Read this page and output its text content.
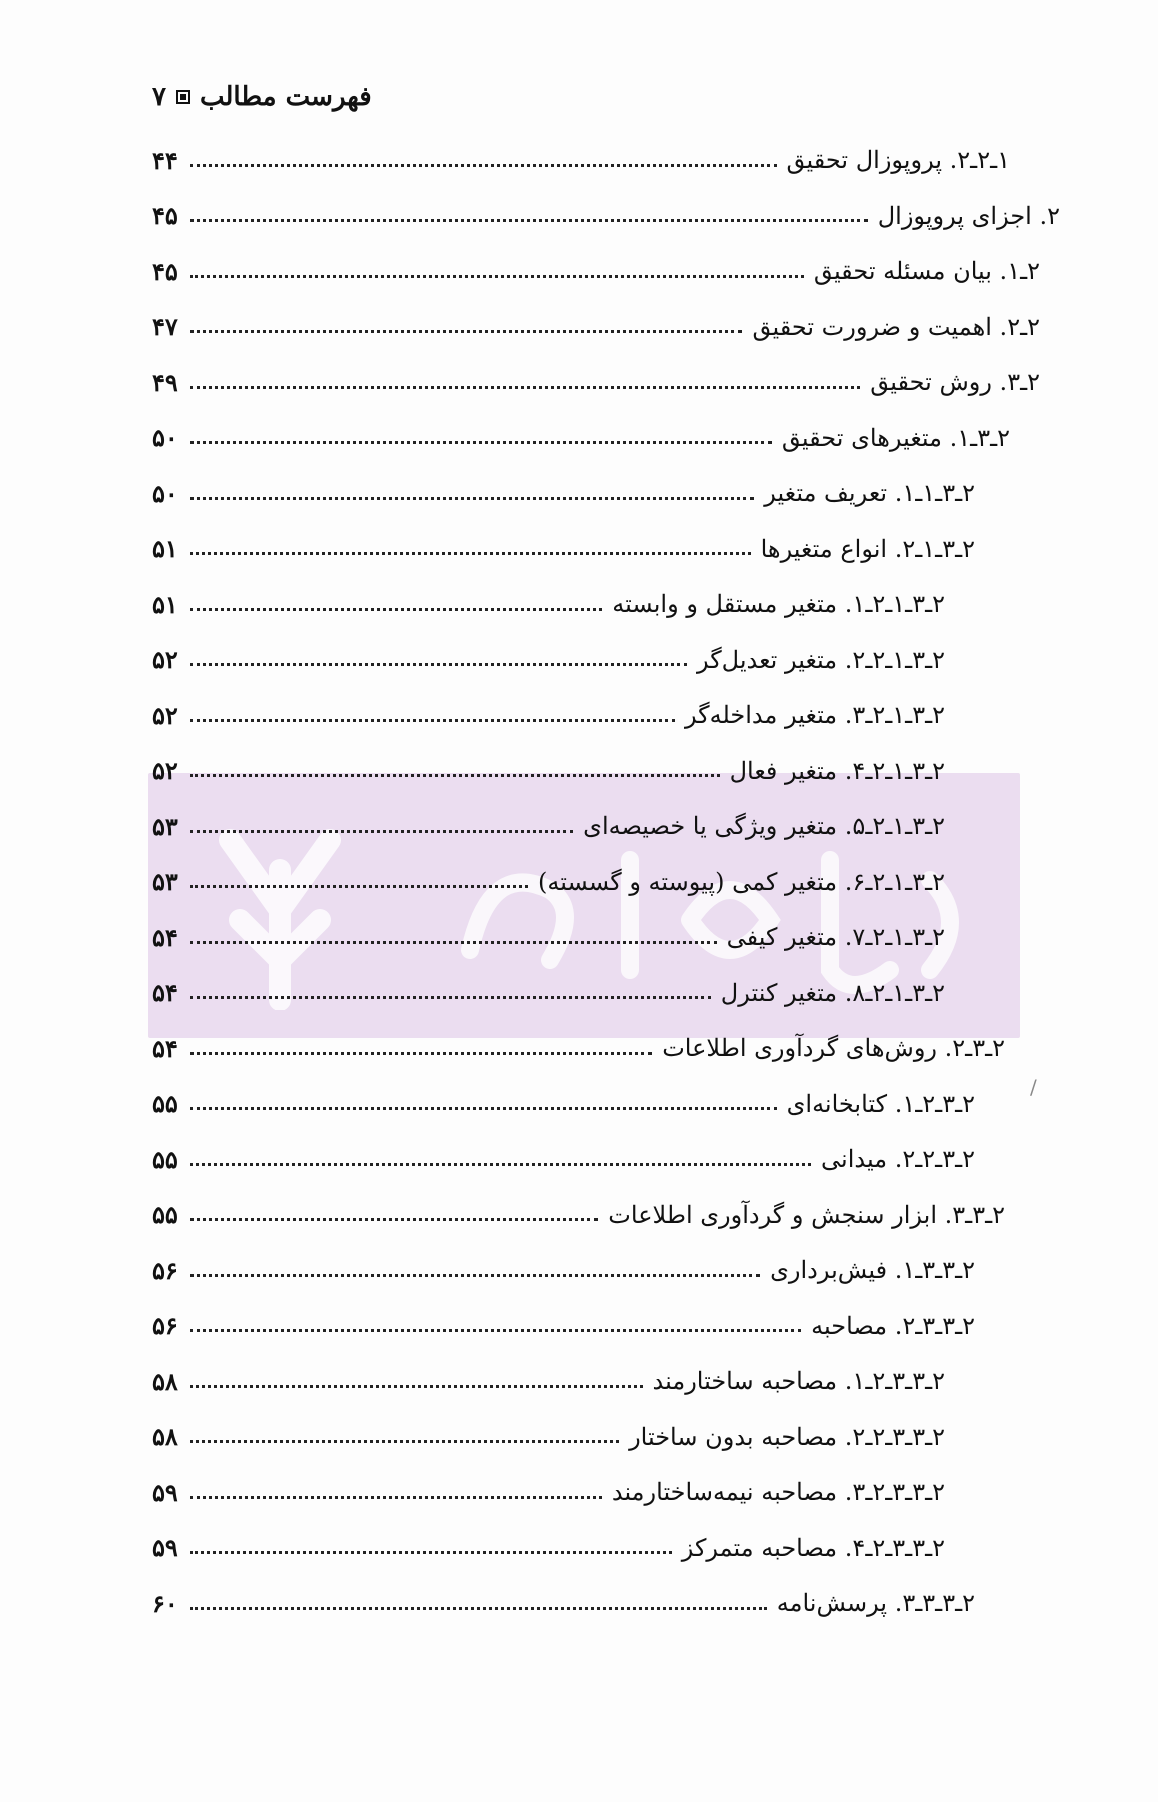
فهرست مطالب
۷
۱ـ۲ـ۲. پروپوزال تحقیق
۴۴
۲. اجزای پروپوزال
۴۵
۲ـ۱. بیان مسئله تحقیق
۴۵
۲ـ۲. اهمیت و ضرورت تحقیق
۴۷
۲ـ۳. روش تحقیق
۴۹
۲ـ۳ـ۱. متغیرهای تحقیق
۵۰
۲ـ۳ـ۱ـ۱. تعریف متغیر
۵۰
۲ـ۳ـ۱ـ۲. انواع متغیرها
۵۱
۲ـ۳ـ۱ـ۲ـ۱. متغیر مستقل و وابسته
۵۱
۲ـ۳ـ۱ـ۲ـ۲. متغیر تعدیل‌گر
۵۲
۲ـ۳ـ۱ـ۲ـ۳. متغیر مداخله‌گر
۵۲
۲ـ۳ـ۱ـ۲ـ۴. متغیر فعال
۵۲
۲ـ۳ـ۱ـ۲ـ۵. متغیر ویژگی یا خصیصه‌ای
۵۳
۲ـ۳ـ۱ـ۲ـ۶. متغیر کمی (پیوسته و گسسته)
۵۳
۲ـ۳ـ۱ـ۲ـ۷. متغیر کیفی
۵۴
۲ـ۳ـ۱ـ۲ـ۸. متغیر کنترل
۵۴
۲ـ۳ـ۲. روش‌های گردآوری اطلاعات
۵۴
۲ـ۳ـ۲ـ۱. کتابخانه‌ای
۵۵
۲ـ۳ـ۲ـ۲. میدانی
۵۵
۲ـ۳ـ۳. ابزار سنجش و گردآوری اطلاعات
۵۵
۲ـ۳ـ۳ـ۱. فیش‌برداری
۵۶
۲ـ۳ـ۳ـ۲. مصاحبه
۵۶
۲ـ۳ـ۳ـ۲ـ۱. مصاحبه ساختارمند
۵۸
۲ـ۳ـ۳ـ۲ـ۲. مصاحبه بدون ساختار
۵۸
۲ـ۳ـ۳ـ۲ـ۳. مصاحبه نیمه‌ساختارمند
۵۹
۲ـ۳ـ۳ـ۲ـ۴. مصاحبه متمرکز
۵۹
۲ـ۳ـ۳ـ۳. پرسش‌نامه
۶۰
/
